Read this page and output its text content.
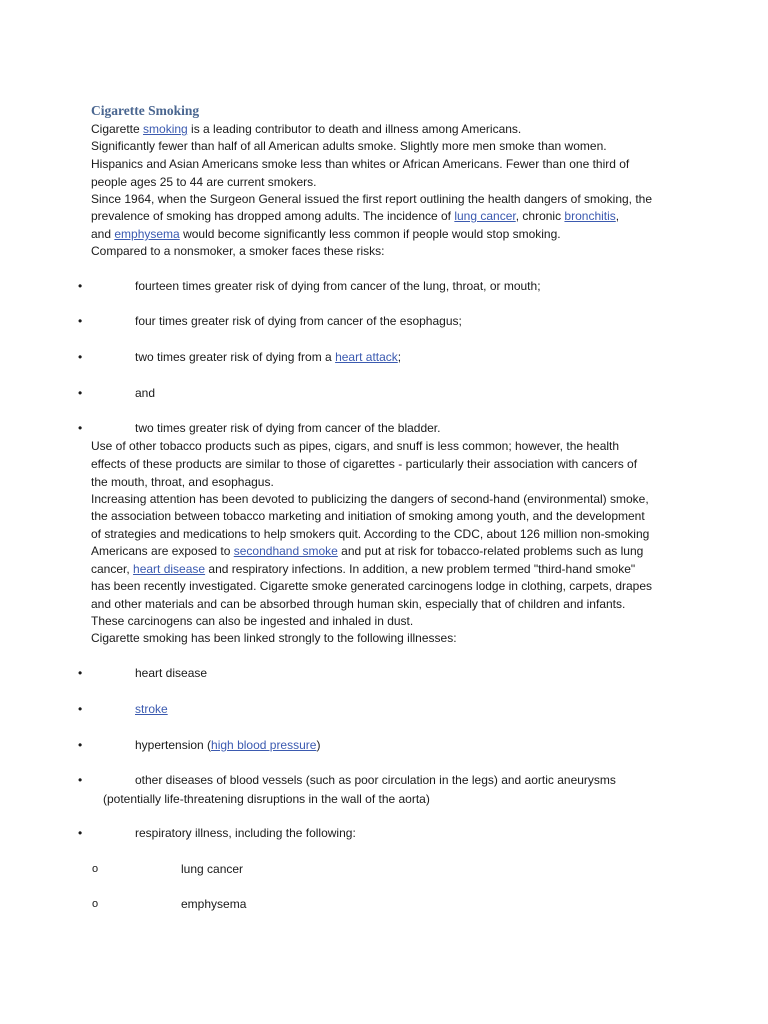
Cigarette Smoking
Cigarette smoking is a leading contributor to death and illness among Americans.
Significantly fewer than half of all American adults smoke. Slightly more men smoke than women.
Hispanics and Asian Americans smoke less than whites or African Americans. Fewer than one third of
people ages 25 to 44 are current smokers.
Since 1964, when the Surgeon General issued the first report outlining the health dangers of smoking, the
prevalence of smoking has dropped among adults. The incidence of lung cancer, chronic bronchitis,
and emphysema would become significantly less common if people would stop smoking.
Compared to a nonsmoker, a smoker faces these risks:
•	fourteen times greater risk of dying from cancer of the lung, throat, or mouth;
•	four times greater risk of dying from cancer of the esophagus;
•	two times greater risk of dying from a heart attack;
•	and
•	two times greater risk of dying from cancer of the bladder.
Use of other tobacco products such as pipes, cigars, and snuff is less common; however, the health
effects of these products are similar to those of cigarettes - particularly their association with cancers of
the mouth, throat, and esophagus.
Increasing attention has been devoted to publicizing the dangers of second-hand (environmental) smoke,
the association between tobacco marketing and initiation of smoking among youth, and the development
of strategies and medications to help smokers quit. According to the CDC, about 126 million non-smoking
Americans are exposed to secondhand smoke and put at risk for tobacco-related problems such as lung
cancer, heart disease and respiratory infections. In addition, a new problem termed "third-hand smoke"
has been recently investigated. Cigarette smoke generated carcinogens lodge in clothing, carpets, drapes
and other materials and can be absorbed through human skin, especially that of children and infants.
These carcinogens can also be ingested and inhaled in dust.
Cigarette smoking has been linked strongly to the following illnesses:
•	heart disease
•	stroke
•	hypertension (high blood pressure)
•	other diseases of blood vessels (such as poor circulation in the legs) and aortic aneurysms
(potentially life-threatening disruptions in the wall of the aorta)
•	respiratory illness, including the following:
o	lung cancer
o	emphysema
